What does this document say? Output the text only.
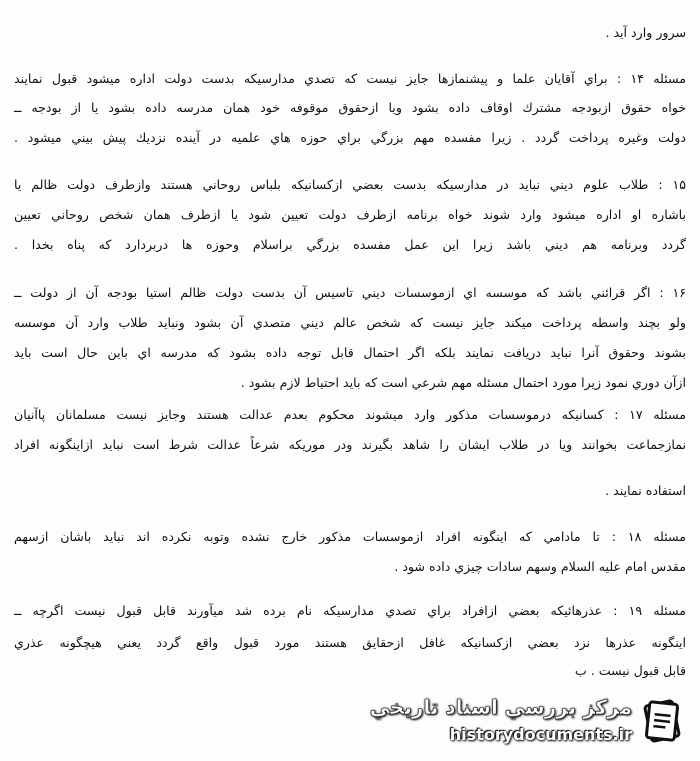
سرور وارد آيد .
مسئله ۱۴ : براي آقايان علما و پيشنمازها جايز نيست كه تصدي مدارسيكه بدست دولت اداره ميشود قبول نمايند
خواه حقوق ازبودجه مشترك اوقاف داده بشود ويا ازحقوق موقوفه خود همان مدرسه داده بشود يا از بودجه ــ
دولت وغيره پرداخت گردد . زيرا مفسده مهم بزرگي براي حوزه هاي علميه در آينده نزديك پيش بيني ميشود .
۱۵ : طلاب علوم ديني نبايد در مدارسيكه بدست بعضي ازكسانيكه بلباس روحاني هستند وازطرف دولت ظالم يا
باشاره او اداره ميشود وارد شوند خواه برنامه ازطرف دولت تعيين شود يا ازطرف همان شخص روحاني تعيين
گردد وبرنامه هم ديني باشد زيرا اين عمل مفسده بزرگي براسلام وحوزه ها دربردارد كه پناه بخدا .
۱۶ : اگر قرائني باشد كه موسسه اي ازموسسات ديني تاسيس آن بدست دولت ظالم استيا بودجه آن از دولت ــ
ولو بچند واسطه پرداخت ميكند جايز نيست كه شخص عالم ديني متصدي آن بشود ونبايد طلاب وارد آن موسسه
بشوند وحقوق آنرا نبايد دريافت نمايند بلكه اگر احتمال قابل توجه داده بشود كه مدرسه اي باين حال است بايد
ازآن دوري نمود زيرا مورد احتمال مسئله مهم شرعي است كه بايد احتياط لازم بشود .
مسئله ۱۷ : كسانيكه درموسسات مذكور وارد ميشوند محكوم بعدم عدالت هستند وجايز نيست مسلمانان پاآنيان
نمازجماعت بخوانند ويا در طلاب ايشان را شاهد بگيرند ودر موريكه شرعاً عدالت شرط است نبايد ازاينگونه افراد
استفاده نمايند .
مسئله ۱۸ : تا مادامي كه اينگونه افراد ازموسسات مذكور خارج نشده وتوبه نكرده اند نبايد باشان ازسهم
مقدس امام عليه السلام وسهم سادات چيزي داده شود .
مسئله ۱۹ : عذرهائيكه بعضي ازافراد براي تصدي مدارسيكه نام برده شد ميآورند قابل قبول نيست اگرچه ــ
اينگونه عذرها نزد بعضي ازكسانيكه غافل ازحقايق هستند مورد قبول واقع گردد يعني هيچگونه عذري
قابل قبول نيست . ب
مركز بررسي اسناد تاريخي
historydocuments.ir
